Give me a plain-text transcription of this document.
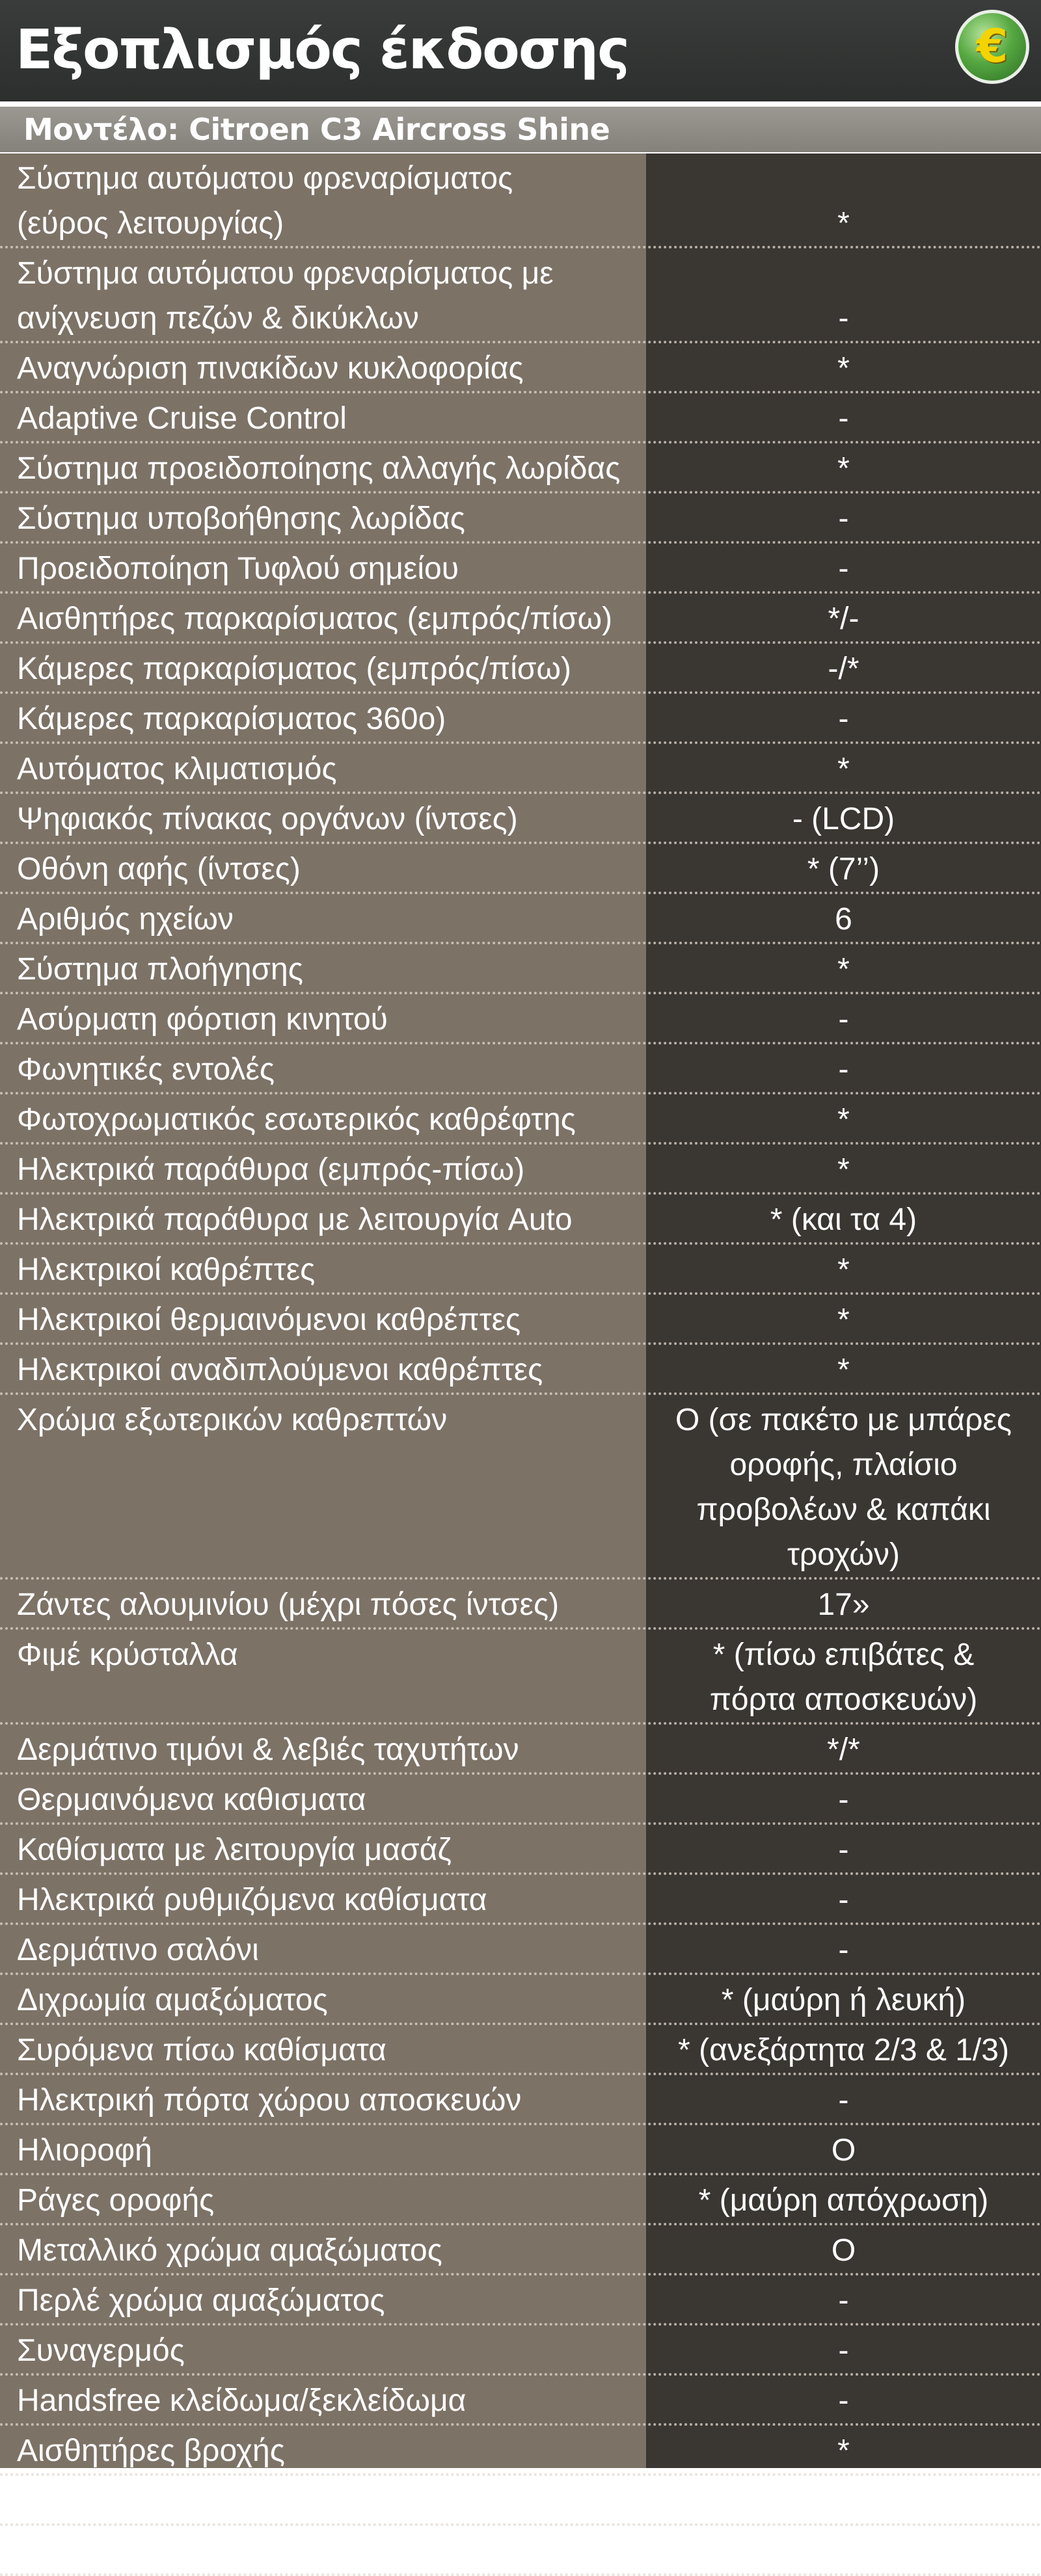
Εξοπλισμός έκδοσης	€
Μοντέλο: Citroen C3 Aircross Shine
Σύστημα αυτόματου φρεναρίσματος
(εύρος λειτουργίας)	*
Σύστημα αυτόματου φρεναρίσματος με
ανίχνευση πεζών & δικύκλων	-
Αναγνώριση πινακίδων κυκλοφορίας	*
Adaptive Cruise Control	-
Σύστημα προειδοποίησης αλλαγής λωρίδας	*
Σύστημα υποβοήθησης λωρίδας	-
Προειδοποίηση Τυφλού σημείου	-
Αισθητήρες παρκαρίσματος (εμπρός/πίσω)	*/-
Κάμερες παρκαρίσματος (εμπρός/πίσω)	-/*
Κάμερες παρκαρίσματος 360ο)	-
Αυτόματος κλιματισμός	*
Ψηφιακός πίνακας οργάνων (ίντσες)	- (LCD)
Οθόνη αφής (ίντσες)	* (7’’)
Αριθμός ηχείων	6
Σύστημα πλοήγησης	*
Ασύρματη φόρτιση κινητού	-
Φωνητικές εντολές	-
Φωτοχρωματικός εσωτερικός καθρέφτης	*
Ηλεκτρικά παράθυρα (εμπρός-πίσω)	*
Ηλεκτρικά παράθυρα με λειτουργία Auto	* (και τα 4)
Ηλεκτρικοί καθρέπτες	*
Ηλεκτρικοί θερμαινόμενοι καθρέπτες	*
Ηλεκτρικοί αναδιπλούμενοι καθρέπτες	*
Χρώμα εξωτερικών καθρεπτών	O (σε πακέτο με μπάρες
οροφής, πλαίσιο
προβολέων & καπάκι
τροχών)
Ζάντες αλουμινίου (μέχρι πόσες ίντσες)	17»
Φιμέ κρύσταλλα	* (πίσω επιβάτες &
πόρτα αποσκευών)
Δερμάτινο τιμόνι & λεβιές ταχυτήτων	*/*
Θερμαινόμενα καθισματα	-
Καθίσματα με λειτουργία μασάζ	-
Ηλεκτρικά ρυθμιζόμενα καθίσματα	-
Δερμάτινο σαλόνι	-
Διχρωμία αμαξώματος	* (μαύρη ή λευκή)
Συρόμενα πίσω καθίσματα	* (ανεξάρτητα 2/3 & 1/3)
Ηλεκτρική πόρτα χώρου αποσκευών	-
Ηλιοροφή	O
Ράγες οροφής	* (μαύρη απόχρωση)
Μεταλλικό χρώμα αμαξώματος	O
Περλέ χρώμα αμαξώματος	-
Συναγερμός	-
Handsfree κλείδωμα/ξεκλείδωμα	-
Αισθητήρες βροχής	*
Αισθητήρες φώτων	*
LED φώτα	* (ημέρας)
